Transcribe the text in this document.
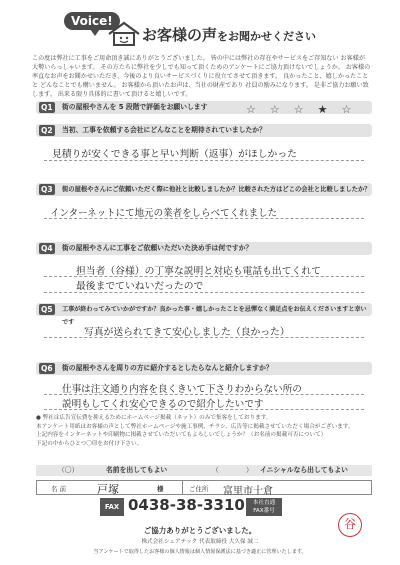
Voice!
お客様の声をお聞かせください
この度は弊社に工事をご用命頂き誠にありがとうございました。 皆の中には弊社の存在やサービスをご存知ない お客様が 大勢いらっしゃいます。 その方たちに弊社を少しでも知って頂くためのアンケートにご協力頂けないでしょうか。 お客様の率直なお声をお聞かせいただき、今後のより良いサービスづくりに役立てさせて頂きます。 良かったこと、嬉しかったことと どんなことでも構いません。 お客様から頂いたお声は、当社の財産であり 社員の励みになります。 是非ご協力お願い致します。 出来る限り具体的に書いて頂けると嬉しいです。
Q1 街の屋根やさんを 5 段階で評価をお願いします	☆☆☆★☆
Q2 当初、工事を依頼する会社にどんなことを期待されていましたか？
見積りが安くできる事と早い判断（返事）がほしかった
Q3	街の屋根やさんにご依頼いただく際に他社と比較しましたか？比較された方はどこの会社と比較しましたか？
インターネットにて地元の業者をしらべてくれました
Q4 街の屋根やさんに工事をご依頼いただいた決め手は何ですか？
担当者（谷様）の丁寧な説明と対応も電話も出てくれて
最後までていねいだったので
Q5	工事が終わってみていかがですか？良かった事・嬉しかったことを忌憚なく満足点をお伝えくださいますと幸いです
写真が送られてきて安心しました（良かった）
Q6 街の屋根やさんを周りの方に紹介するとしたらなんと紹介しますか？
仕事は注文通り内容を良くきいて下さりわからない所の
説明もしてくれ安心できるので紹介したいです
● 弊社は広告宣伝費を抑えるためにホームページ掲載（ネット）のみで集客をしております。
本アンケート用紙はお客様の声として弊社ホームページや施工事例、チラシ、広告等に掲載させていただく場合がございます。
上記内容をインターネットや印刷物に掲載させていただいてもよろしいでしょうか？（お名前の掲載可否について）
下記の中からひとつ〇印をお付け下さい。
（〇）	名前を出してもよい	（　　　　） イニシャルなら出してもよい
名 前	戸塚	様	ご住所 富里市十倉
FAX 0438-38-3310	本社直通
FAX番号
ご協力ありがとうございました。
株式会社シェアテック 代表取締役 大久保 誠二
当アンケートで取得したお客様の個人情報は個人情報保護法に基づき適正に管理いたします。
谷
